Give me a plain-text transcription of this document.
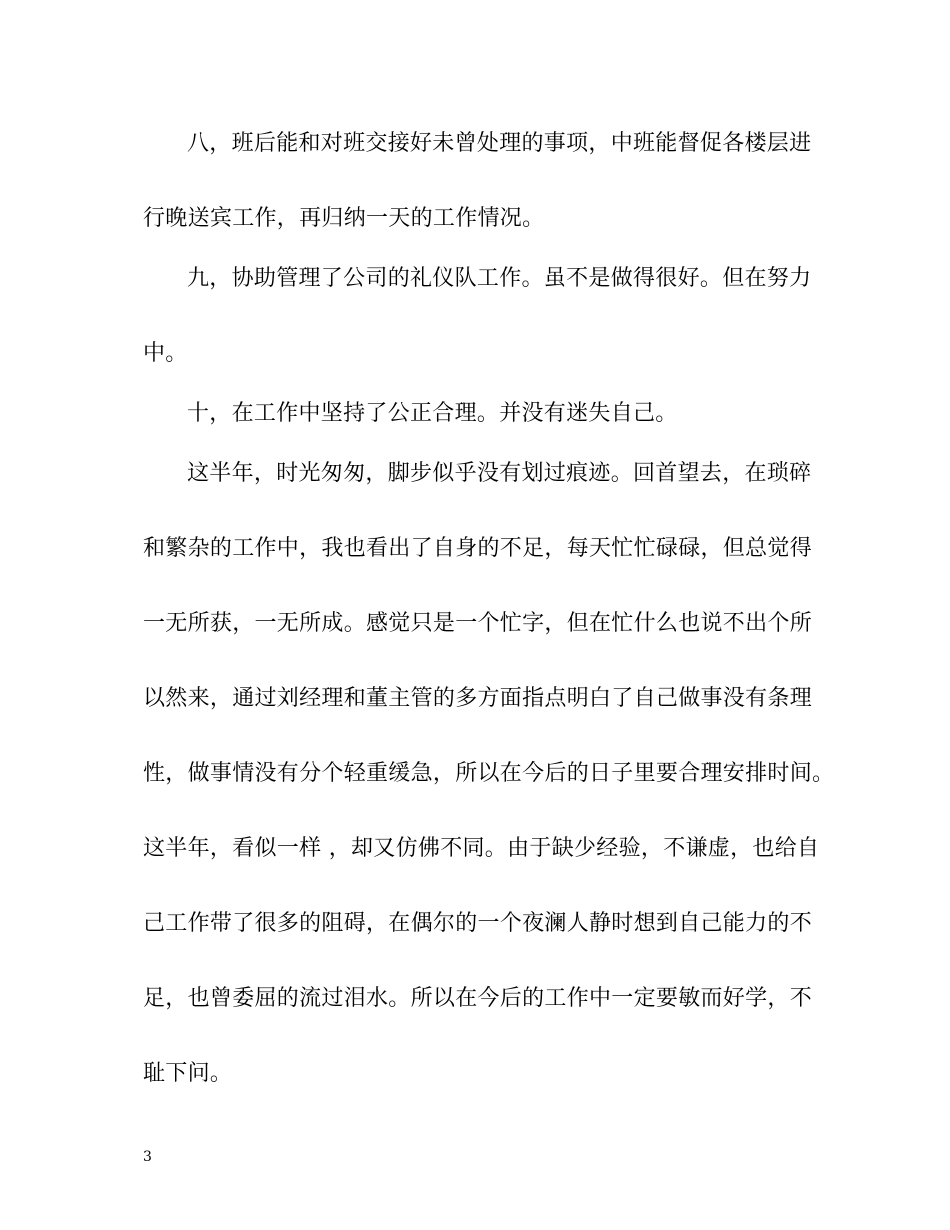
八，班后能和对班交接好未曾处理的事项，中班能督促各楼层进
行晚送宾工作，再归纳一天的工作情况。
九，协助管理了公司的礼仪队工作。虽不是做得很好。但在努力
中。
十，在工作中坚持了公正合理。并没有迷失自己。
这半年，时光匆匆，脚步似乎没有划过痕迹。回首望去，在琐碎
和繁杂的工作中，我也看出了自身的不足，每天忙忙碌碌，但总觉得
一无所获，一无所成。感觉只是一个忙字，但在忙什么也说不出个所
以然来，通过刘经理和董主管的多方面指点明白了自己做事没有条理
性，做事情没有分个轻重缓急，所以在今后的日子里要合理安排时间。
这半年，看似一样 ，却又仿佛不同。由于缺少经验，不谦虚，也给自
己工作带了很多的阻碍，在偶尔的一个夜澜人静时想到自己能力的不
足，也曾委屈的流过泪水。所以在今后的工作中一定要敏而好学，不
耻下问。
3
